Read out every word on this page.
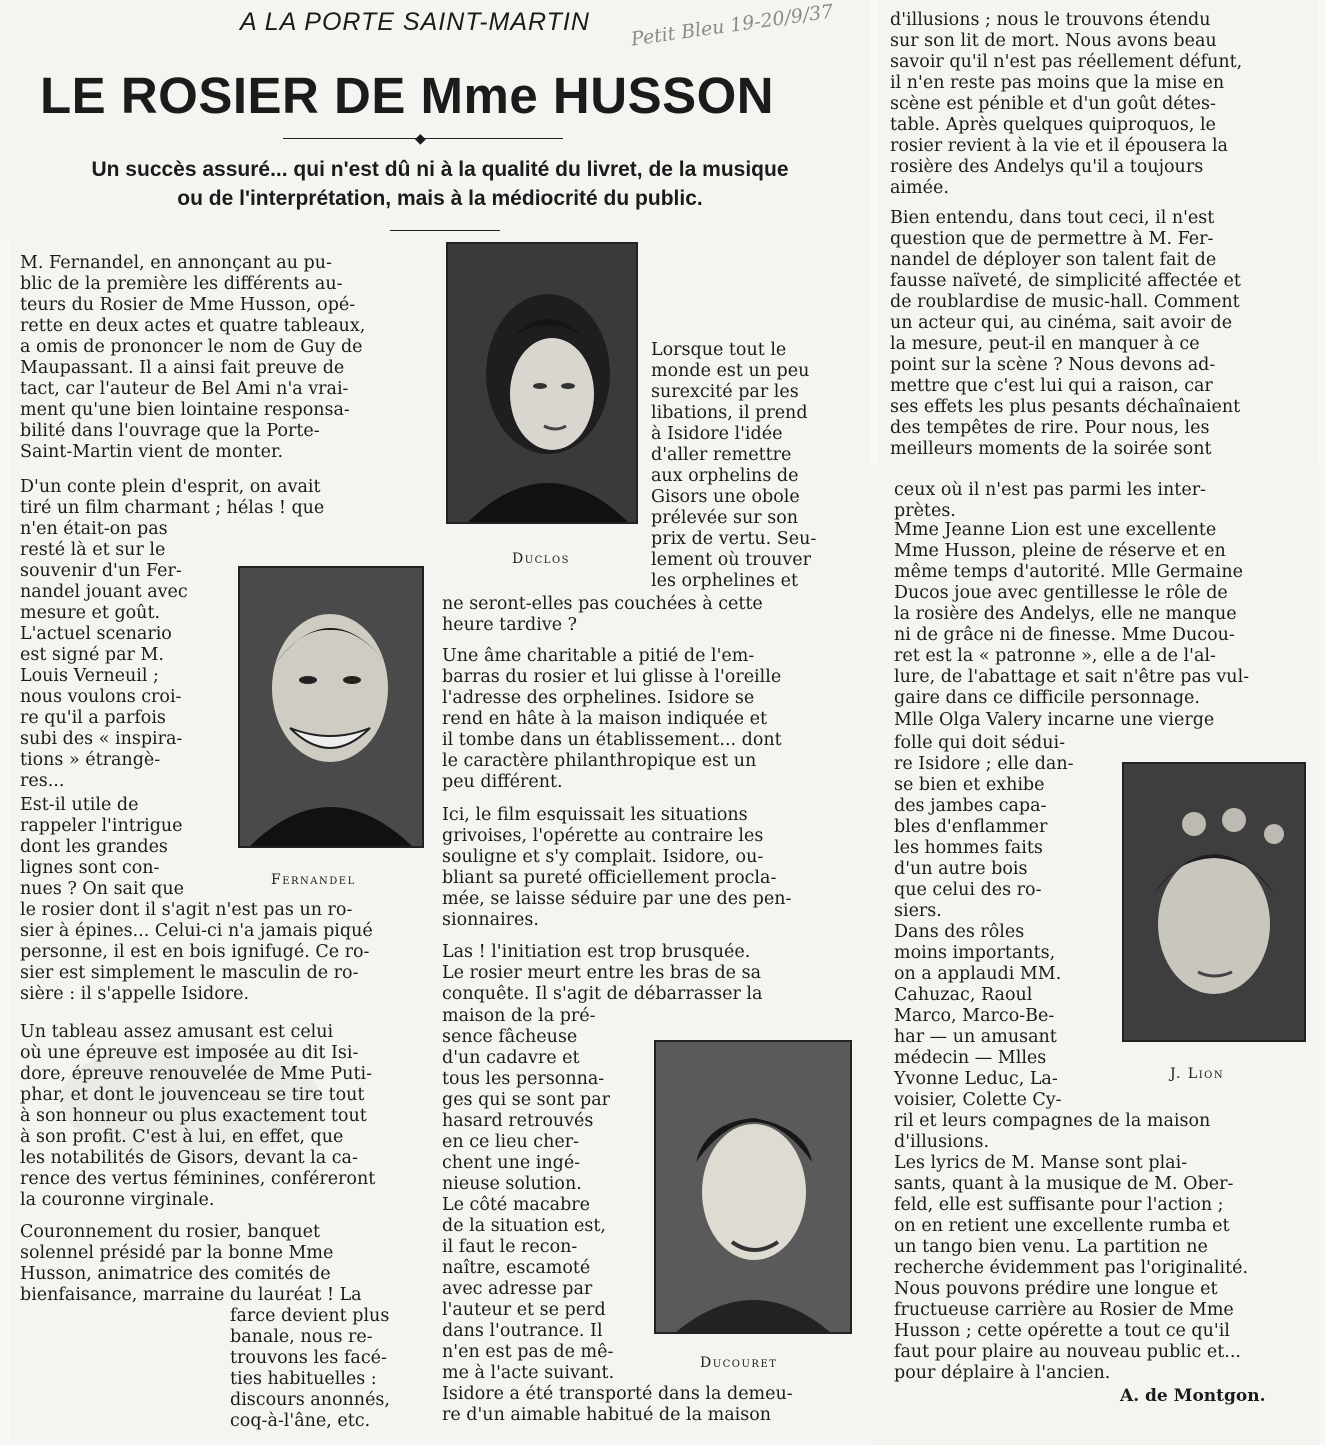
A LA PORTE SAINT-MARTIN Petit Bleu 19-20/9/37
LE ROSIER DE Mme HUSSON
◆

Un succès assuré... qui n'est dû ni à la qualité du livret, de la musique
ou de l'interprétation, mais à la médiocrité du public.

Duclos
Fernandel
Ducouret
J. Lion

M. Fernandel, en annonçant au pu-
blic de la première les différents au-
teurs du Rosier de Mme Husson, opé-
rette en deux actes et quatre tableaux,
a omis de prononcer le nom de Guy de
Maupassant. Il a ainsi fait preuve de
tact, car l'auteur de Bel Ami n'a vrai-
ment qu'une bien lointaine responsa-
bilité dans l'ouvrage que la Porte-
Saint-Martin vient de monter.

D'un conte plein d'esprit, on avait
tiré un film charmant ; hélas ! que

n'en était-on pas
resté là et sur le
souvenir d'un Fer-
nandel jouant avec
mesure et goût.
L'actuel scenario
est signé par M.
Louis Verneuil ;
nous voulons croi-
re qu'il a parfois
subi des « inspira-
tions » étrangè-
res...

Est-il utile de
rappeler l'intrigue
dont les grandes
lignes sont con-
nues ? On sait que

le rosier dont il s'agit n'est pas un ro-
sier à épines... Celui-ci n'a jamais piqué
personne, il est en bois ignifugé. Ce ro-
sier est simplement le masculin de ro-
sière : il s'appelle Isidore.

Un tableau assez amusant est celui
où une épreuve est imposée au dit Isi-
dore, épreuve renouvelée de Mme Puti-
phar, et dont le jouvenceau se tire tout
à son honneur ou plus exactement tout
à son profit. C'est à lui, en effet, que
les notabilités de Gisors, devant la ca-
rence des vertus féminines, conféreront
la couronne virginale.

Couronnement du rosier, banquet
solennel présidé par la bonne Mme
Husson, animatrice des comités de
bienfaisance, marraine du lauréat ! La

farce devient plus
banale, nous re-
trouvons les facé-
ties habituelles :
discours anonnés,
coq-à-l'âne, etc.

Lorsque tout le
monde est un peu
surexcité par les
libations, il prend
à Isidore l'idée
d'aller remettre
aux orphelins de
Gisors une obole
prélevée sur son
prix de vertu. Seu-
lement où trouver
les orphelines et

ne seront-elles pas couchées à cette
heure tardive ?

Une âme charitable a pitié de l'em-
barras du rosier et lui glisse à l'oreille
l'adresse des orphelines. Isidore se
rend en hâte à la maison indiquée et
il tombe dans un établissement... dont
le caractère philanthropique est un
peu différent.

Ici, le film esquissait les situations
grivoises, l'opérette au contraire les
souligne et s'y complait. Isidore, ou-
bliant sa pureté officiellement procla-
mée, se laisse séduire par une des pen-
sionnaires.

Las ! l'initiation est trop brusquée.
Le rosier meurt entre les bras de sa
conquête. Il s'agit de débarrasser la

maison de la pré-
sence fâcheuse
d'un cadavre et
tous les personna-
ges qui se sont par
hasard retrouvés
en ce lieu cher-
chent une ingé-
nieuse solution.
Le côté macabre
de la situation est,
il faut le recon-
naître, escamoté
avec adresse par
l'auteur et se perd
dans l'outrance. Il
n'en est pas de mê-
me à l'acte suivant.

Isidore a été transporté dans la demeu-
re d'un aimable habitué de la maison

d'illusions ; nous le trouvons étendu
sur son lit de mort. Nous avons beau
savoir qu'il n'est pas réellement défunt,
il n'en reste pas moins que la mise en
scène est pénible et d'un goût détes-
table. Après quelques quiproquos, le
rosier revient à la vie et il épousera la
rosière des Andelys qu'il a toujours
aimée.

Bien entendu, dans tout ceci, il n'est
question que de permettre à M. Fer-
nandel de déployer son talent fait de
fausse naïveté, de simplicité affectée et
de roublardise de music-hall. Comment
un acteur qui, au cinéma, sait avoir de
la mesure, peut-il en manquer à ce
point sur la scène ? Nous devons ad-
mettre que c'est lui qui a raison, car
ses effets les plus pesants déchaînaient
des tempêtes de rire. Pour nous, les
meilleurs moments de la soirée sont

ceux où il n'est pas parmi les inter-
prètes.

Mme Jeanne Lion est une excellente
Mme Husson, pleine de réserve et en
même temps d'autorité. Mlle Germaine
Ducos joue avec gentillesse le rôle de
la rosière des Andelys, elle ne manque
ni de grâce ni de finesse. Mme Ducou-
ret est la « patronne », elle a de l'al-
lure, de l'abattage et sait n'être pas vul-
gaire dans ce difficile personnage.

Mlle Olga Valery incarne une vierge

folle qui doit sédui-
re Isidore ; elle dan-
se bien et exhibe
des jambes capa-
bles d'enflammer
les hommes faits
d'un autre bois
que celui des ro-
siers.
Dans des rôles
moins importants,
on a applaudi MM.
Cahuzac, Raoul
Marco, Marco-Be-
har — un amusant
médecin — Mlles
Yvonne Leduc, La-
voisier, Colette Cy-

ril et leurs compagnes de la maison
d'illusions.

Les lyrics de M. Manse sont plai-
sants, quant à la musique de M. Ober-
feld, elle est suffisante pour l'action ;
on en retient une excellente rumba et
un tango bien venu. La partition ne
recherche évidemment pas l'originalité.
Nous pouvons prédire une longue et
fructueuse carrière au Rosier de Mme
Husson ; cette opérette a tout ce qu'il
faut pour plaire au nouveau public et...
pour déplaire à l'ancien.

A. de Montgon.
